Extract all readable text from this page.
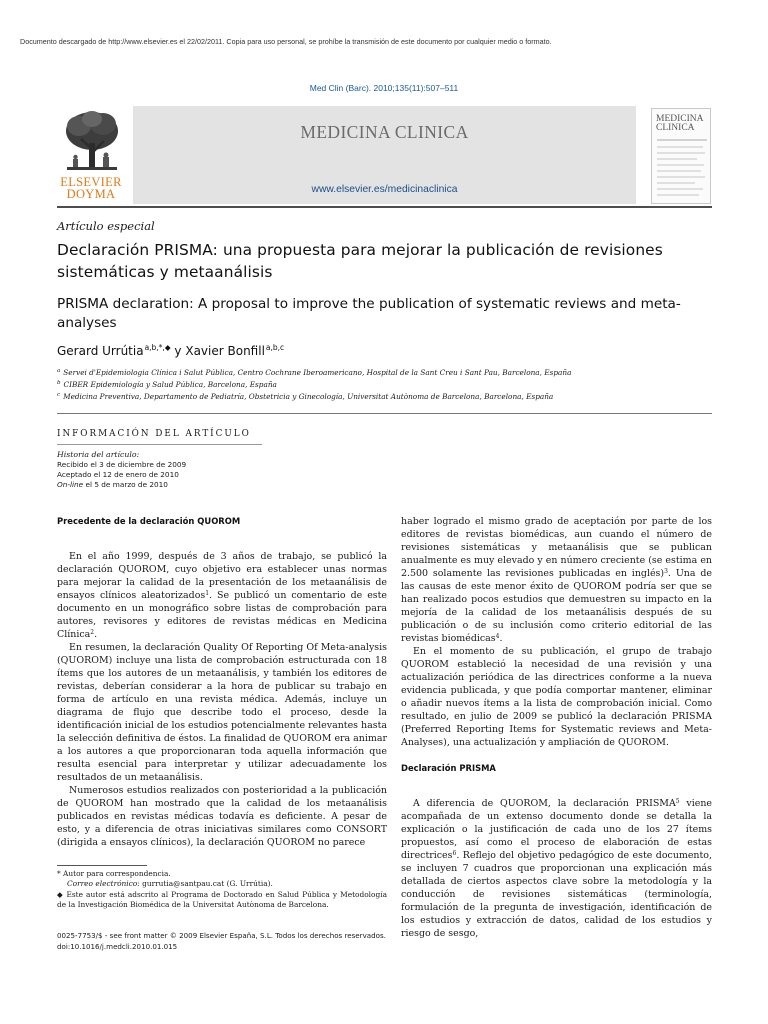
Documento descargado de http://www.elsevier.es el 22/02/2011. Copia para uso personal, se prohíbe la transmisión de este documento por cualquier medio o formato.
Med Clin (Barc). 2010;135(11):507–511
ELSEVIER
DOYMA
MEDICINA CLINICA
www.elsevier.es/medicinaclinica
MEDICINA
CLINICA
Artículo especial
Declaración PRISMA: una propuesta para mejorar la publicación de revisiones sistemáticas y metaanálisis
PRISMA declaration: A proposal to improve the publication of systematic reviews and meta-analyses
Gerard Urrútia$^{a,b,*,◆}$ y Xavier Bonfill$^{a,b,c}$
$^a$ Servei d'Epidemiologia Clínica i Salut Pública, Centro Cochrane Iberoamericano, Hospital de la Sant Creu i Sant Pau, Barcelona, España
$^b$ CIBER Epidemiología y Salud Pública, Barcelona, España
$^c$ Medicina Preventiva, Departamento de Pediatría, Obstetricia y Ginecología, Universitat Autònoma de Barcelona, Barcelona, España
INFORMACIÓN DEL ARTÍCULO
Historia del artículo:
Recibido el 3 de diciembre de 2009
Aceptado el 12 de enero de 2010
On-line el 5 de marzo de 2010
Precedente de la declaración QUOROM

En el año 1999, después de 3 años de trabajo, se publicó la declaración QUOROM, cuyo objetivo era establecer unas normas para mejorar la calidad de la presentación de los metaanálisis de ensayos clínicos aleatorizados$^1$. Se publicó un comentario de este documento en un monográfico sobre listas de comprobación para autores, revisores y editores de revistas médicas en Medicina Clínica$^2$.

En resumen, la declaración Quality Of Reporting Of Meta-analysis (QUOROM) incluye una lista de comprobación estructurada con 18 ítems que los autores de un metaanálisis, y también los editores de revistas, deberían considerar a la hora de publicar su trabajo en forma de artículo en una revista médica. Además, incluye un diagrama de flujo que describe todo el proceso, desde la identificación inicial de los estudios potencialmente relevantes hasta la selección definitiva de éstos. La finalidad de QUOROM era animar a los autores a que proporcionaran toda aquella información que resulta esencial para interpretar y utilizar adecuadamente los resultados de un metaanálisis.

Numerosos estudios realizados con posterioridad a la publicación de QUOROM han mostrado que la calidad de los metaanálisis publicados en revistas médicas todavía es deficiente. A pesar de esto, y a diferencia de otras iniciativas similares como CONSORT (dirigida a ensayos clínicos), la declaración QUOROM no parece

haber logrado el mismo grado de aceptación por parte de los editores de revistas biomédicas, aun cuando el número de revisiones sistemáticas y metaanálisis que se publican anualmente es muy elevado y en número creciente (se estima en 2.500 solamente las revisiones publicadas en inglés)$^3$. Una de las causas de este menor éxito de QUOROM podría ser que se han realizado pocos estudios que demuestren su impacto en la mejoría de la calidad de los metaanálisis después de su publicación o de su inclusión como criterio editorial de las revistas biomédicas$^4$.

En el momento de su publicación, el grupo de trabajo QUOROM estableció la necesidad de una revisión y una actualización periódica de las directrices conforme a la nueva evidencia publicada, y que podía comportar mantener, eliminar o añadir nuevos ítems a la lista de comprobación inicial. Como resultado, en julio de 2009 se publicó la declaración PRISMA (Preferred Reporting Items for Systematic reviews and Meta-Analyses), una actualización y ampliación de QUOROM.

Declaración PRISMA

A diferencia de QUOROM, la declaración PRISMA$^5$ viene acompañada de un extenso documento donde se detalla la explicación o la justificación de cada uno de los 27 ítems propuestos, así como el proceso de elaboración de estas directrices$^6$. Reflejo del objetivo pedagógico de este documento, se incluyen 7 cuadros que proporcionan una explicación más detallada de ciertos aspectos clave sobre la metodología y la conducción de revisiones sistemáticas (terminología, formulación de la pregunta de investigación, identificación de los estudios y extracción de datos, calidad de los estudios y riesgo de sesgo,

* Autor para correspondencia.

Correo electrónico: gurrutia@santpau.cat (G. Urrútia).

◆ Este autor está adscrito al Programa de Doctorado en Salud Pública y Metodología de la Investigación Biomédica de la Universitat Autònoma de Barcelona.

0025-7753/$ - see front matter © 2009 Elsevier España, S.L. Todos los derechos reservados.
doi:10.1016/j.medcli.2010.01.015
